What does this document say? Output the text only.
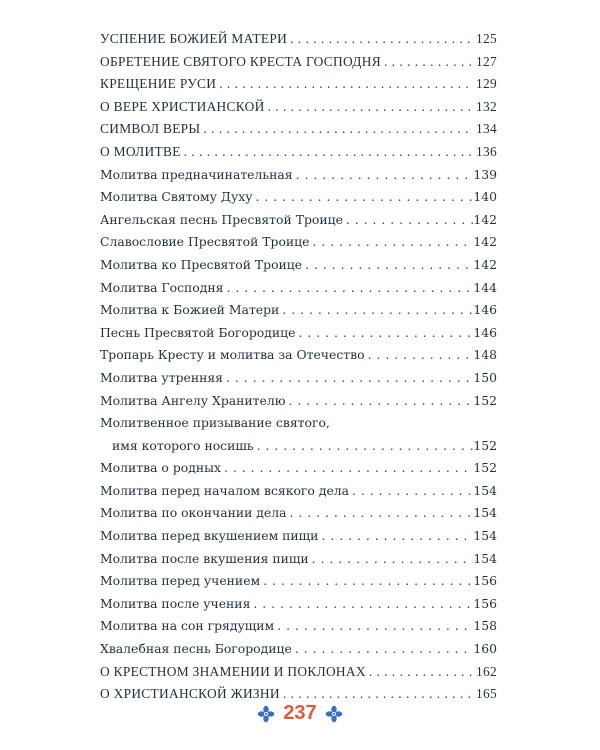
УСПЕНИЕ БОЖИЕЙ МАТЕРИ . . .	125
ОБРЕТЕНИЕ СВЯТОГО КРЕСТА ГОСПОДНЯ . . .	127
КРЕЩЕНИЕ РУСИ . . .	129
О ВЕРЕ ХРИСТИАНСКОЙ . . .	132
СИМВОЛ ВЕРЫ . . .	134
О МОЛИТВЕ . . .	136
Молитва предначинательная . . .	139
Молитва Святому Духу . . .	140
Ангельская песнь Пресвятой Троице . . .	142
Славословие Пресвятой Троице . . .	142
Молитва ко Пресвятой Троице . . .	142
Молитва Господня . . .	144
Молитва к Божией Матери . . .	146
Песнь Пресвятой Богородице . . .	146
Тропарь Кресту и молитва за Отечество . . .	148
Молитва утренняя . . .	150
Молитва Ангелу Хранителю . . .	152
Молитвенное призывание святого,
имя которого носишь . . .	152
Молитва о родных . . .	152
Молитва перед началом всякого дела . . .	154
Молитва по окончании дела . . .	154
Молитва перед вкушением пищи . . .	154
Молитва после вкушения пищи . . .	154
Молитва перед учением . . .	156
Молитва после учения . . .	156
Молитва на сон грядущим . . .	158
Хвалебная песнь Богородице . . .	160
О КРЕСТНОМ ЗНАМЕНИИ И ПОКЛОНАХ . . .	162
О ХРИСТИАНСКОЙ ЖИЗНИ . . .	165
237
